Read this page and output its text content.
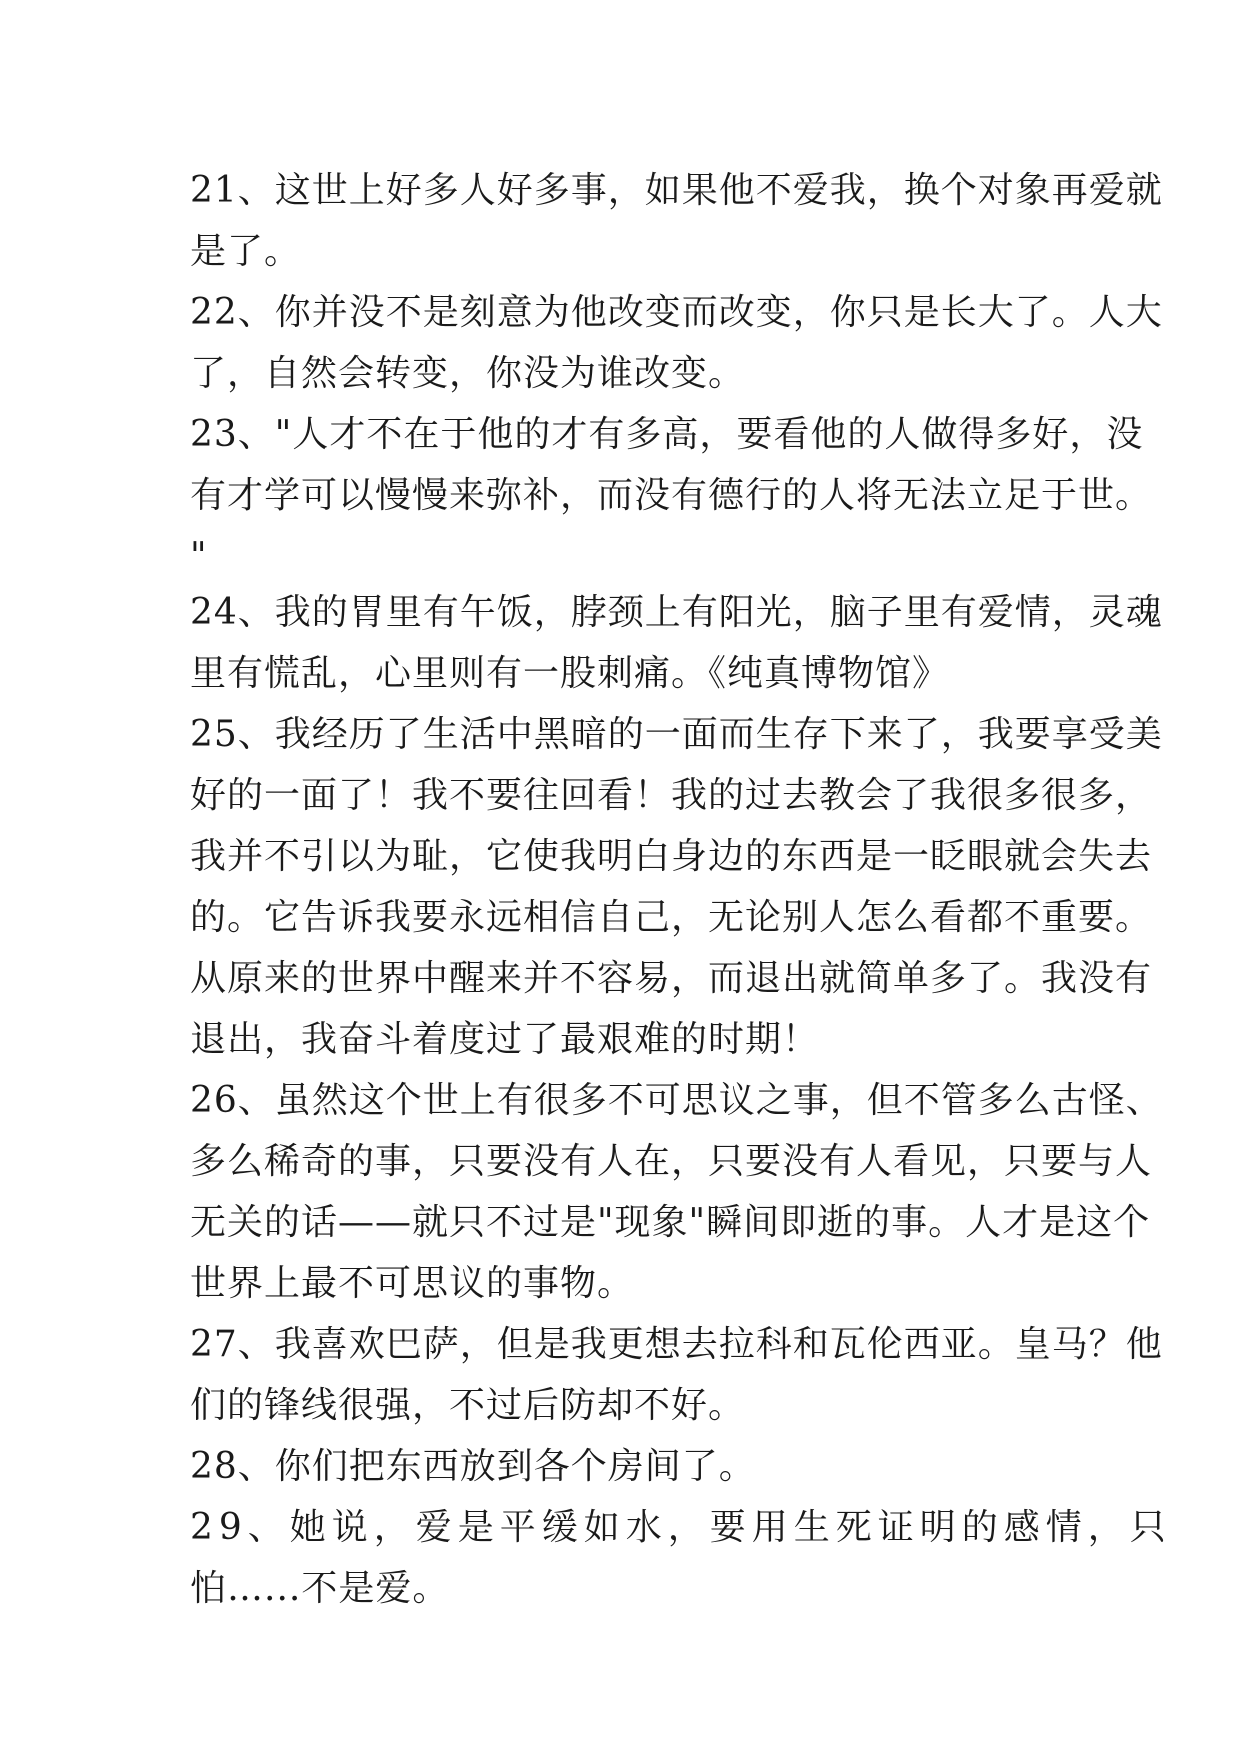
21、这世上好多人好多事，如果他不爱我，换个对象再爱就
是了。
22、你并没不是刻意为他改变而改变，你只是长大了。人大
了，自然会转变，你没为谁改变。
23、"人才不在于他的才有多高，要看他的人做得多好，没
有才学可以慢慢来弥补，而没有德行的人将无法立足于世。
"
24、我的胃里有午饭，脖颈上有阳光，脑子里有爱情，灵魂
里有慌乱，心里则有一股刺痛。《纯真博物馆》
25、我经历了生活中黑暗的一面而生存下来了，我要享受美
好的一面了！我不要往回看！我的过去教会了我很多很多，
我并不引以为耻，它使我明白身边的东西是一眨眼就会失去
的。它告诉我要永远相信自己，无论别人怎么看都不重要。
从原来的世界中醒来并不容易，而退出就简单多了。我没有
退出，我奋斗着度过了最艰难的时期！
26、虽然这个世上有很多不可思议之事，但不管多么古怪、
多么稀奇的事，只要没有人在，只要没有人看见，只要与人
无关的话——就只不过是"现象"瞬间即逝的事。人才是这个
世界上最不可思议的事物。
27、我喜欢巴萨，但是我更想去拉科和瓦伦西亚。皇马？他
们的锋线很强，不过后防却不好。
28、你们把东西放到各个房间了。
29、她说，爱是平缓如水，要用生死证明的感情，只
怕…...不是爱。
